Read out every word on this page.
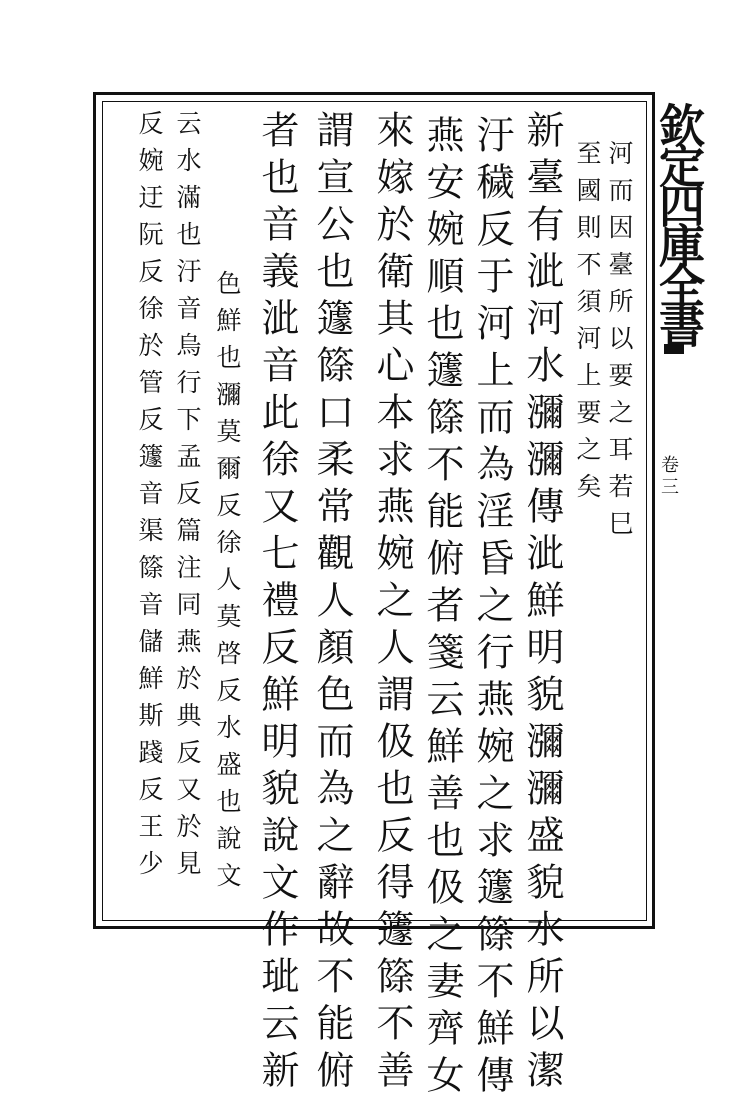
欽定四庫全書
卷三
河而因臺所以要之耳若巳
至國則不須河上要之矣
新臺有泚河水瀰瀰傳泚鮮明貌瀰瀰盛貌水所以潔
汙穢反于河上而為淫昏之行燕婉之求籧篨不鮮傳
燕安婉順也籧篨不能俯者箋云鮮善也伋之妻齊女
來嫁於衛其心本求燕婉之人謂伋也反得籧篨不善
謂宣公也籧篨口柔常觀人顏色而為之辭故不能俯
者也音義泚音此徐又七禮反鮮明貌說文作玼云新
色鮮也瀰莫爾反徐人莫啓反水盛也說文
云水滿也汙音烏行下孟反篇注同燕於典反又於見
反婉迂阮反徐於管反籧音渠篨音儲鮮斯踐反王少
